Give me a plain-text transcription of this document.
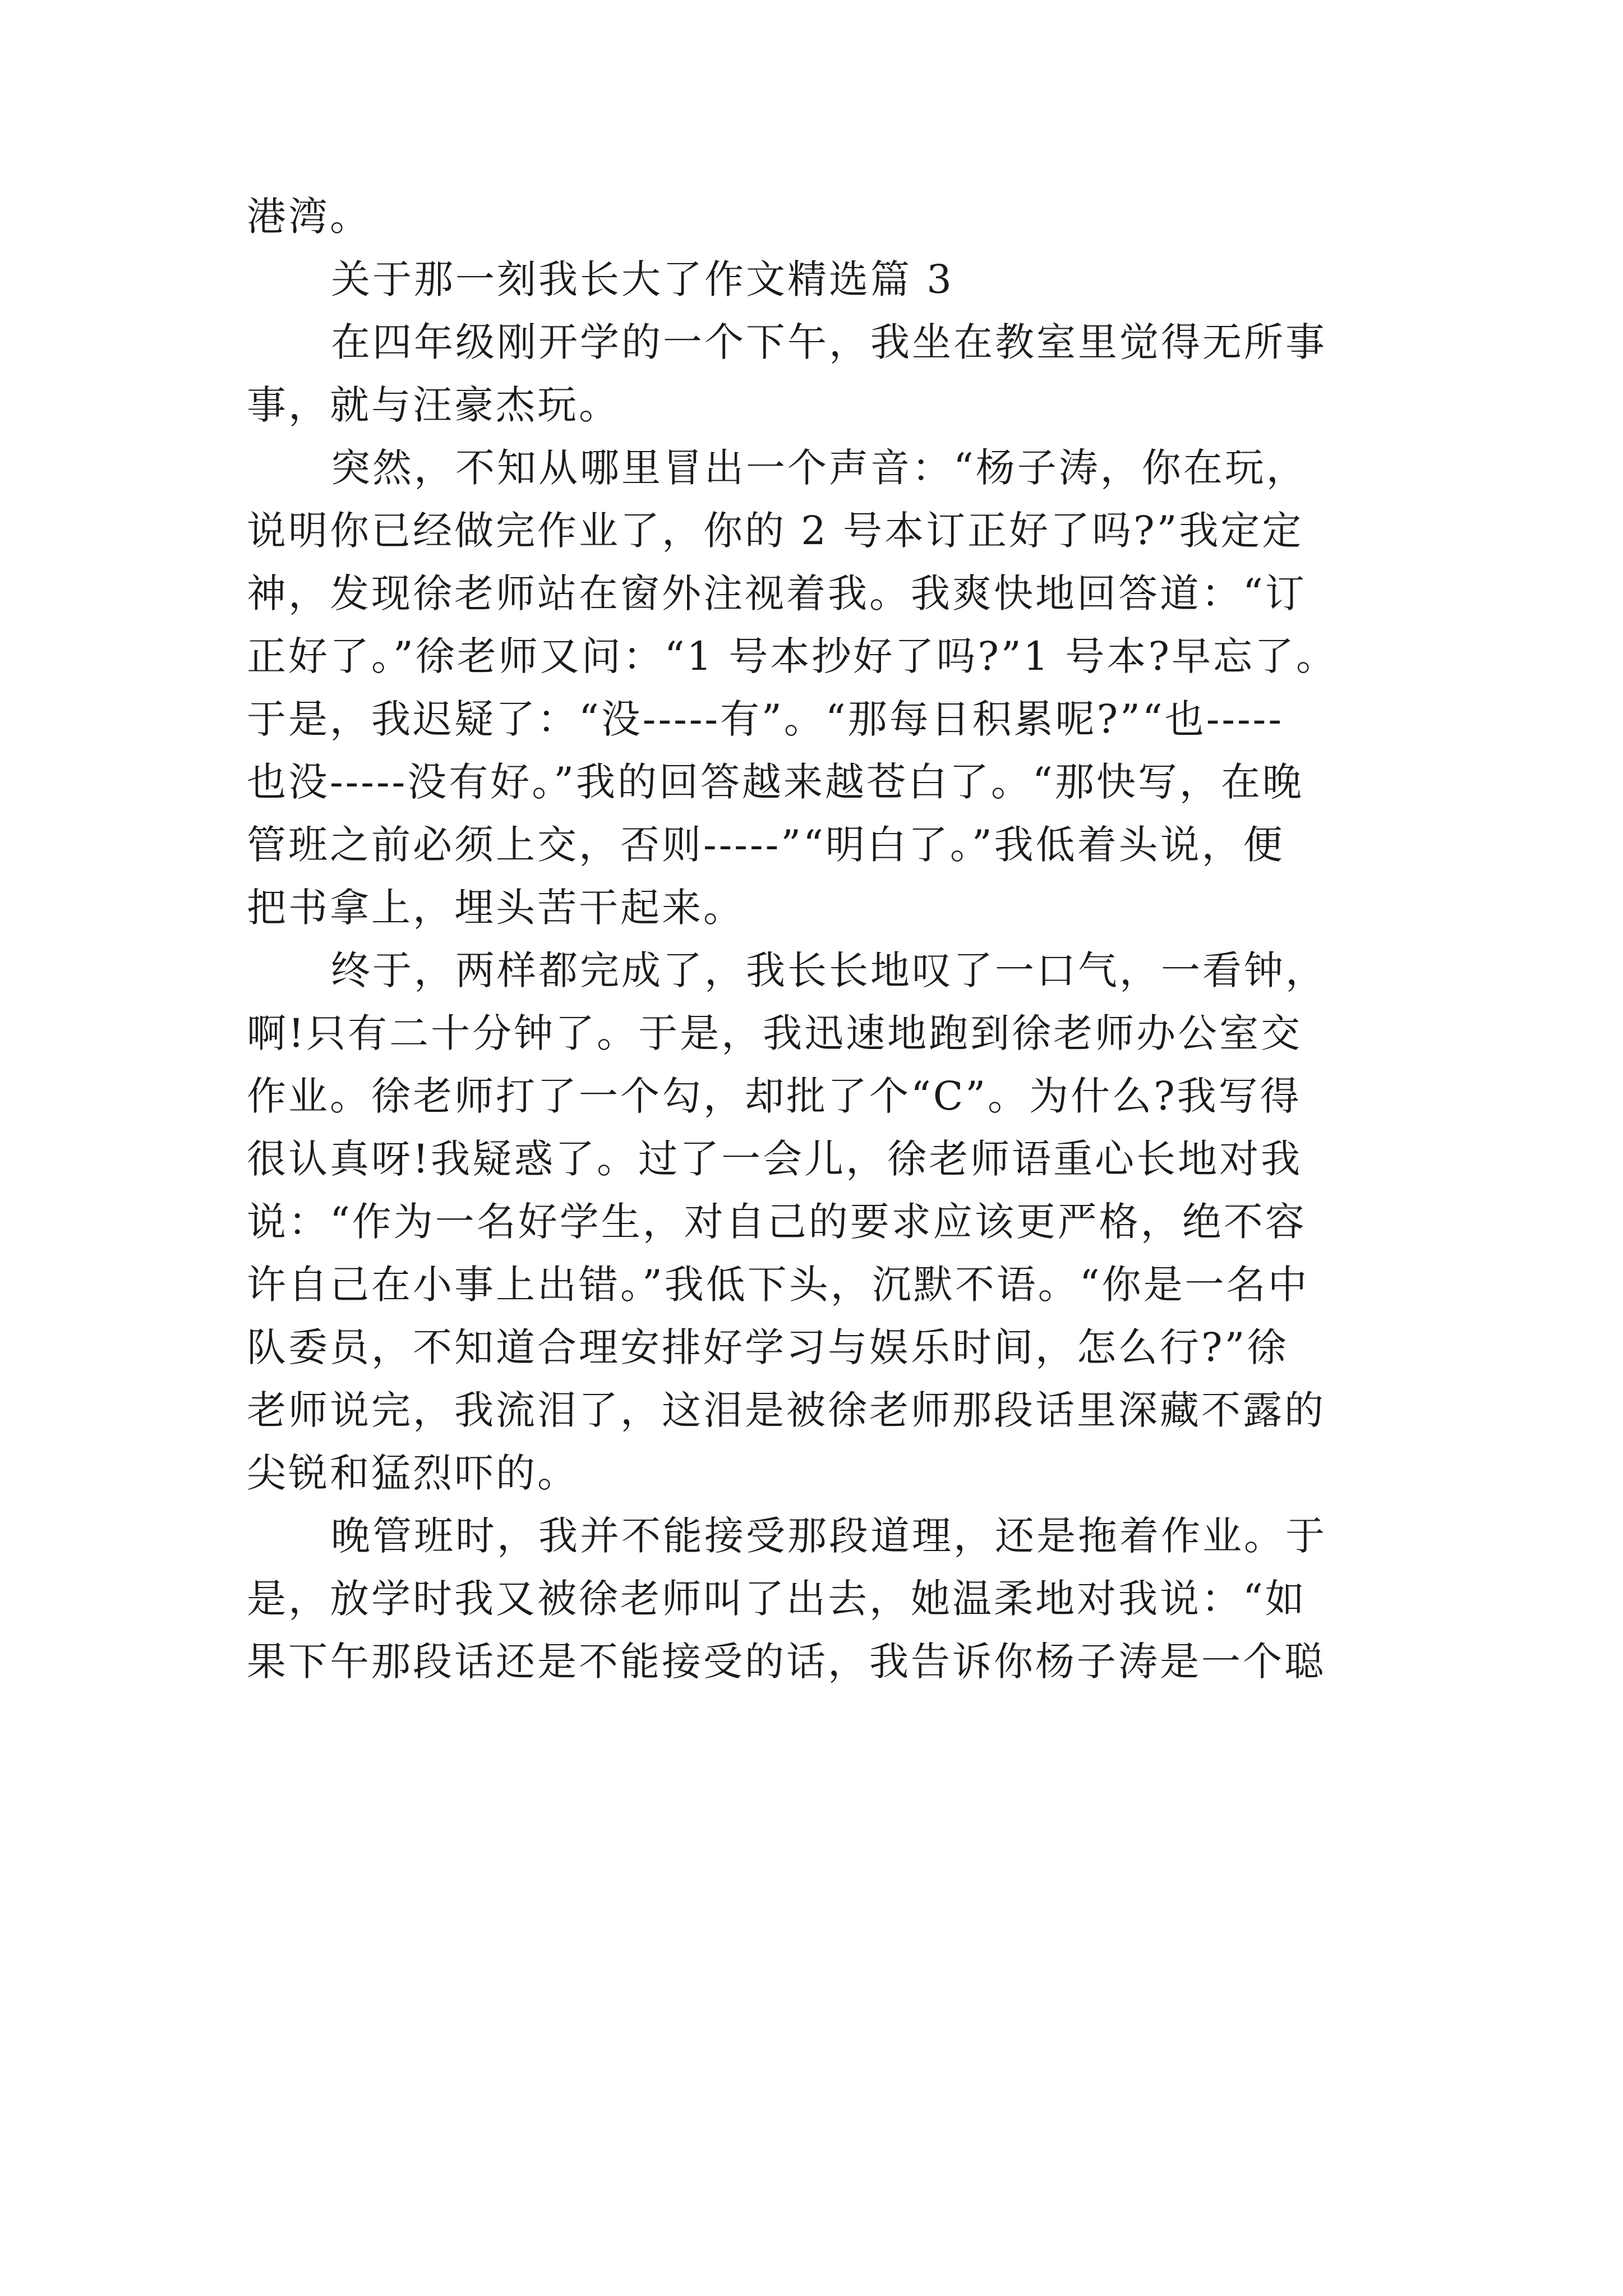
港湾。
关于那一刻我长大了作文精选篇 3
在四年级刚开学的一个下午，我坐在教室里觉得无所事
事，就与汪豪杰玩。
突然，不知从哪里冒出一个声音：“杨子涛，你在玩，
说明你已经做完作业了，你的 2 号本订正好了吗?”我定定
神，发现徐老师站在窗外注视着我。我爽快地回答道：“订
正好了。”徐老师又问：“1 号本抄好了吗?”1 号本?早忘了。
于是，我迟疑了：“没-----有”。“那每日积累呢?”“也-----
也没-----没有好。”我的回答越来越苍白了。“那快写，在晚
管班之前必须上交，否则-----”“明白了。”我低着头说，便
把书拿上，埋头苦干起来。
终于，两样都完成了，我长长地叹了一口气，一看钟，
啊!只有二十分钟了。于是，我迅速地跑到徐老师办公室交
作业。徐老师打了一个勾，却批了个“C”。为什么?我写得
很认真呀!我疑惑了。过了一会儿，徐老师语重心长地对我
说：“作为一名好学生，对自己的要求应该更严格，绝不容
许自己在小事上出错。”我低下头，沉默不语。“你是一名中
队委员，不知道合理安排好学习与娱乐时间，怎么行?”徐
老师说完，我流泪了，这泪是被徐老师那段话里深藏不露的
尖锐和猛烈吓的。
晚管班时，我并不能接受那段道理，还是拖着作业。于
是，放学时我又被徐老师叫了出去，她温柔地对我说：“如
果下午那段话还是不能接受的话，我告诉你杨子涛是一个聪
